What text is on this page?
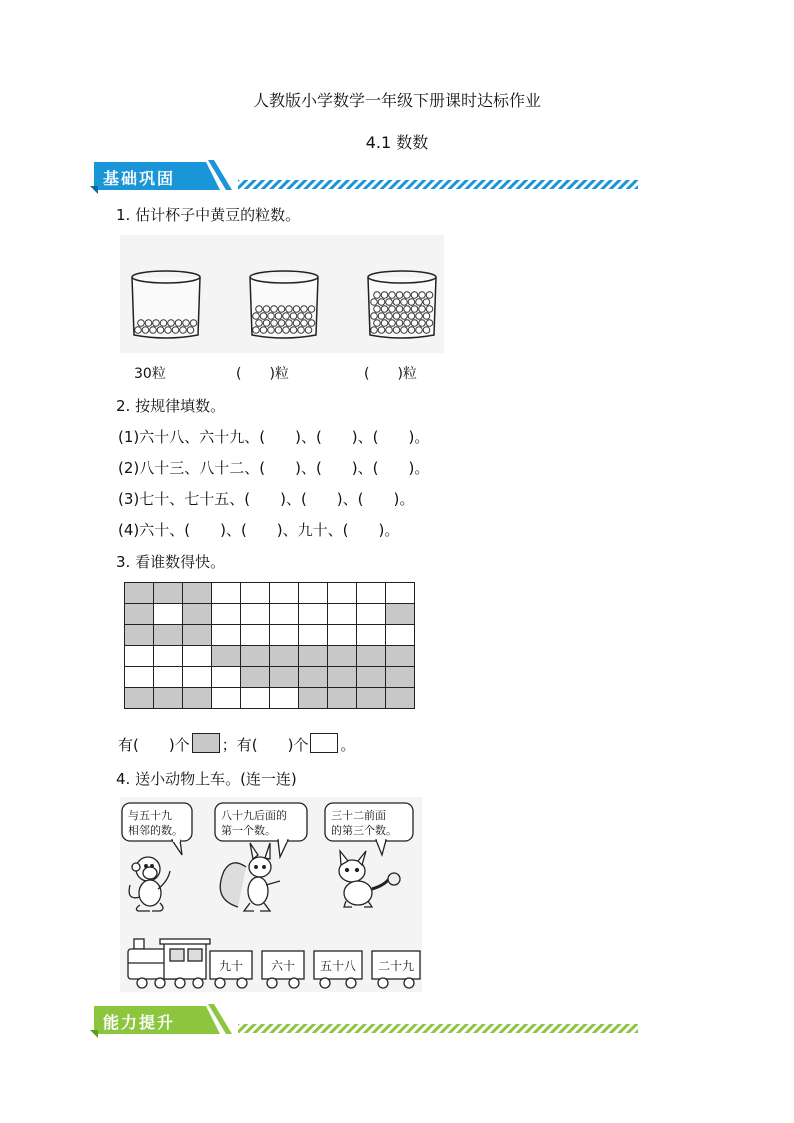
人教版小学数学一年级下册课时达标作业
4.1 数数
基础巩固
1. 估计杯子中黄豆的粒数。
30粒	(　　)粒	(　　)粒
2. 按规律填数。
(1)六十八、六十九、(　　)、(　　)、(　　)。
(2)八十三、八十二、(　　)、(　　)、(　　)。
(3)七十、七十五、(　　)、(　　)、(　　)。
(4)六十、(　　)、(　　)、九十、(　　)。
3. 看谁数得快。

有(　　)个 ；有(　　)个 。
4. 送小动物上车。(连一连)
与五十九
相邻的数。
八十九后面的
第一个数。
三十二前面
的第三个数。
九十	六十	五十八	二十九
能力提升
